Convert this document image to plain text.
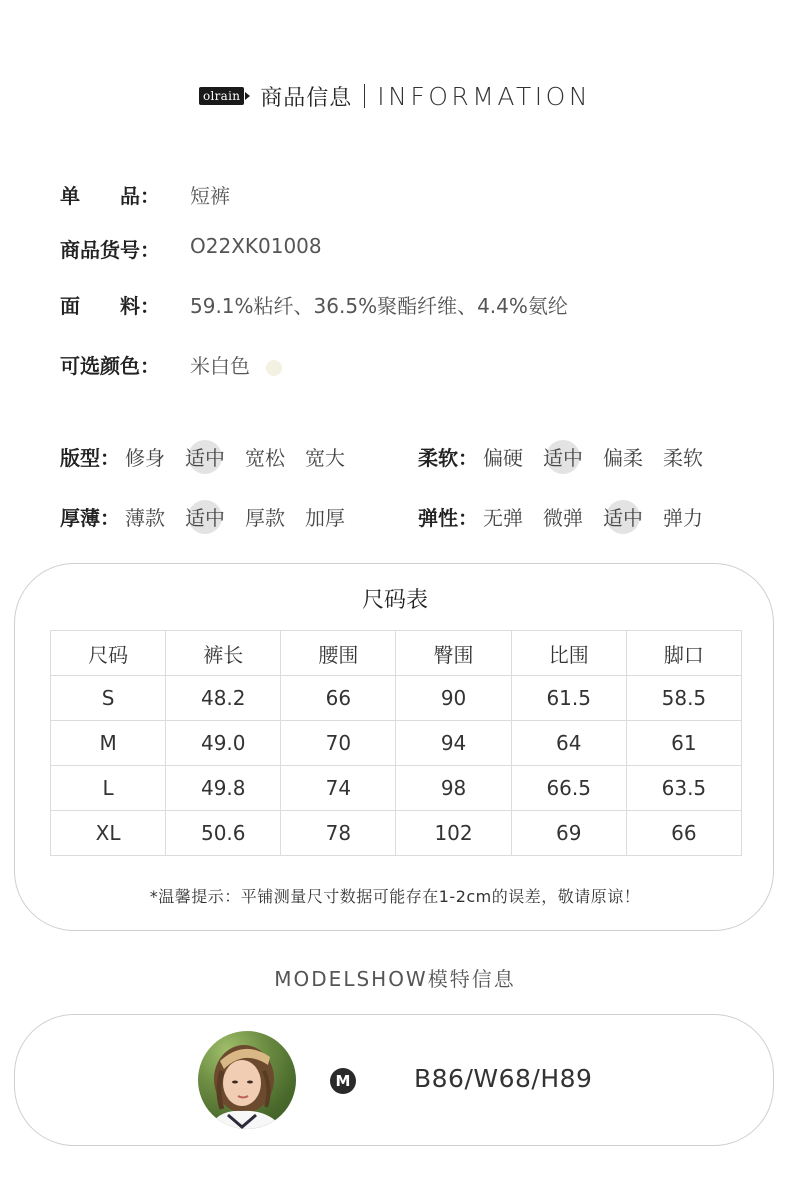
olrain 商品信息 INFORMATION
单　　品：	短裤
商品货号：	O22XK01008
面　　料：	59.1%粘纤、36.5%聚酯纤维、4.4%氨纶
可选颜色：	米白色
版型： 修身 适中 宽松 宽大	柔软： 偏硬 适中 偏柔 柔软
厚薄： 薄款 适中 厚款 加厚	弹性： 无弹 微弹 适中 弹力
尺码表
尺码	裤长	腰围	臀围	比围	脚口
S	48.2	66	90	61.5	58.5
M	49.0	70	94	64	61
L	49.8	74	98	66.5	63.5
XL	50.6	78	102	69	66
*温馨提示：平铺测量尺寸数据可能存在1-2cm的误差，敬请原谅！
MODELSHOW模特信息
M	B86/W68/H89
